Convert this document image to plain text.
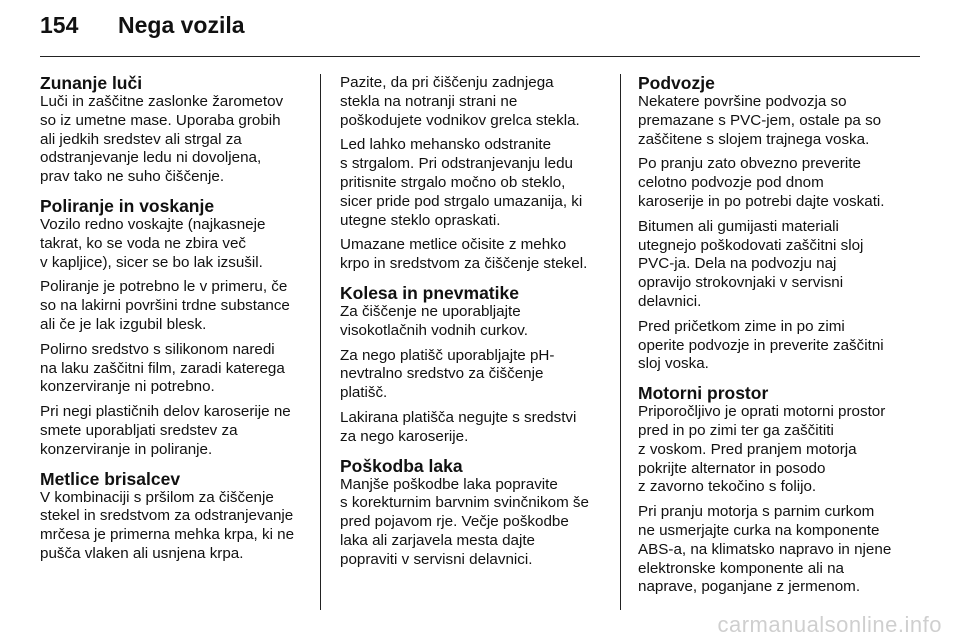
154	Nega vozila
Zunanje luči

Luči in zaščitne zaslonke žarometov
so iz umetne mase. Uporaba grobih
ali jedkih sredstev ali strgal za
odstranjevanje ledu ni dovoljena,
prav tako ne suho čiščenje.

Poliranje in voskanje

Vozilo redno voskajte (najkasneje
takrat, ko se voda ne zbira več
v kapljice), sicer se bo lak izsušil.

Poliranje je potrebno le v primeru, če
so na lakirni površini trdne substance
ali če je lak izgubil blesk.

Polirno sredstvo s silikonom naredi
na laku zaščitni film, zaradi katerega
konzerviranje ni potrebno.

Pri negi plastičnih delov karoserije ne
smete uporabljati sredstev za
konzerviranje in poliranje.

Metlice brisalcev

V kombinaciji s pršilom za čiščenje
stekel in sredstvom za odstranjevanje
mrčesa je primerna mehka krpa, ki ne
pušča vlaken ali usnjena krpa.

Pazite, da pri čiščenju zadnjega
stekla na notranji strani ne
poškodujete vodnikov grelca stekla.

Led lahko mehansko odstranite
s strgalom. Pri odstranjevanju ledu
pritisnite strgalo močno ob steklo,
sicer pride pod strgalo umazanija, ki
utegne steklo opraskati.

Umazane metlice očisite z mehko
krpo in sredstvom za čiščenje stekel.

Kolesa in pnevmatike

Za čiščenje ne uporabljajte
visokotlačnih vodnih curkov.

Za nego platišč uporabljajte pH-
nevtralno sredstvo za čiščenje
platišč.

Lakirana platišča negujte s sredstvi
za nego karoserije.

Poškodba laka

Manjše poškodbe laka popravite
s korekturnim barvnim svinčnikom še
pred pojavom rje. Večje poškodbe
laka ali zarjavela mesta dajte
popraviti v servisni delavnici.

Podvozje

Nekatere površine podvozja so
premazane s PVC-jem, ostale pa so
zaščitene s slojem trajnega voska.

Po pranju zato obvezno preverite
celotno podvozje pod dnom
karoserije in po potrebi dajte voskati.

Bitumen ali gumijasti materiali
utegnejo poškodovati zaščitni sloj
PVC-ja. Dela na podvozju naj
opravijo strokovnjaki v servisni
delavnici.

Pred pričetkom zime in po zimi
operite podvozje in preverite zaščitni
sloj voska.

Motorni prostor

Priporočljivo je oprati motorni prostor
pred in po zimi ter ga zaščititi
z voskom. Pred pranjem motorja
pokrijte alternator in posodo
z zavorno tekočino s folijo.

Pri pranju motorja s parnim curkom
ne usmerjajte curka na komponente
ABS-a, na klimatsko napravo in njene
elektronske komponente ali na
naprave, poganjane z jermenom.

carmanualsonline.info
